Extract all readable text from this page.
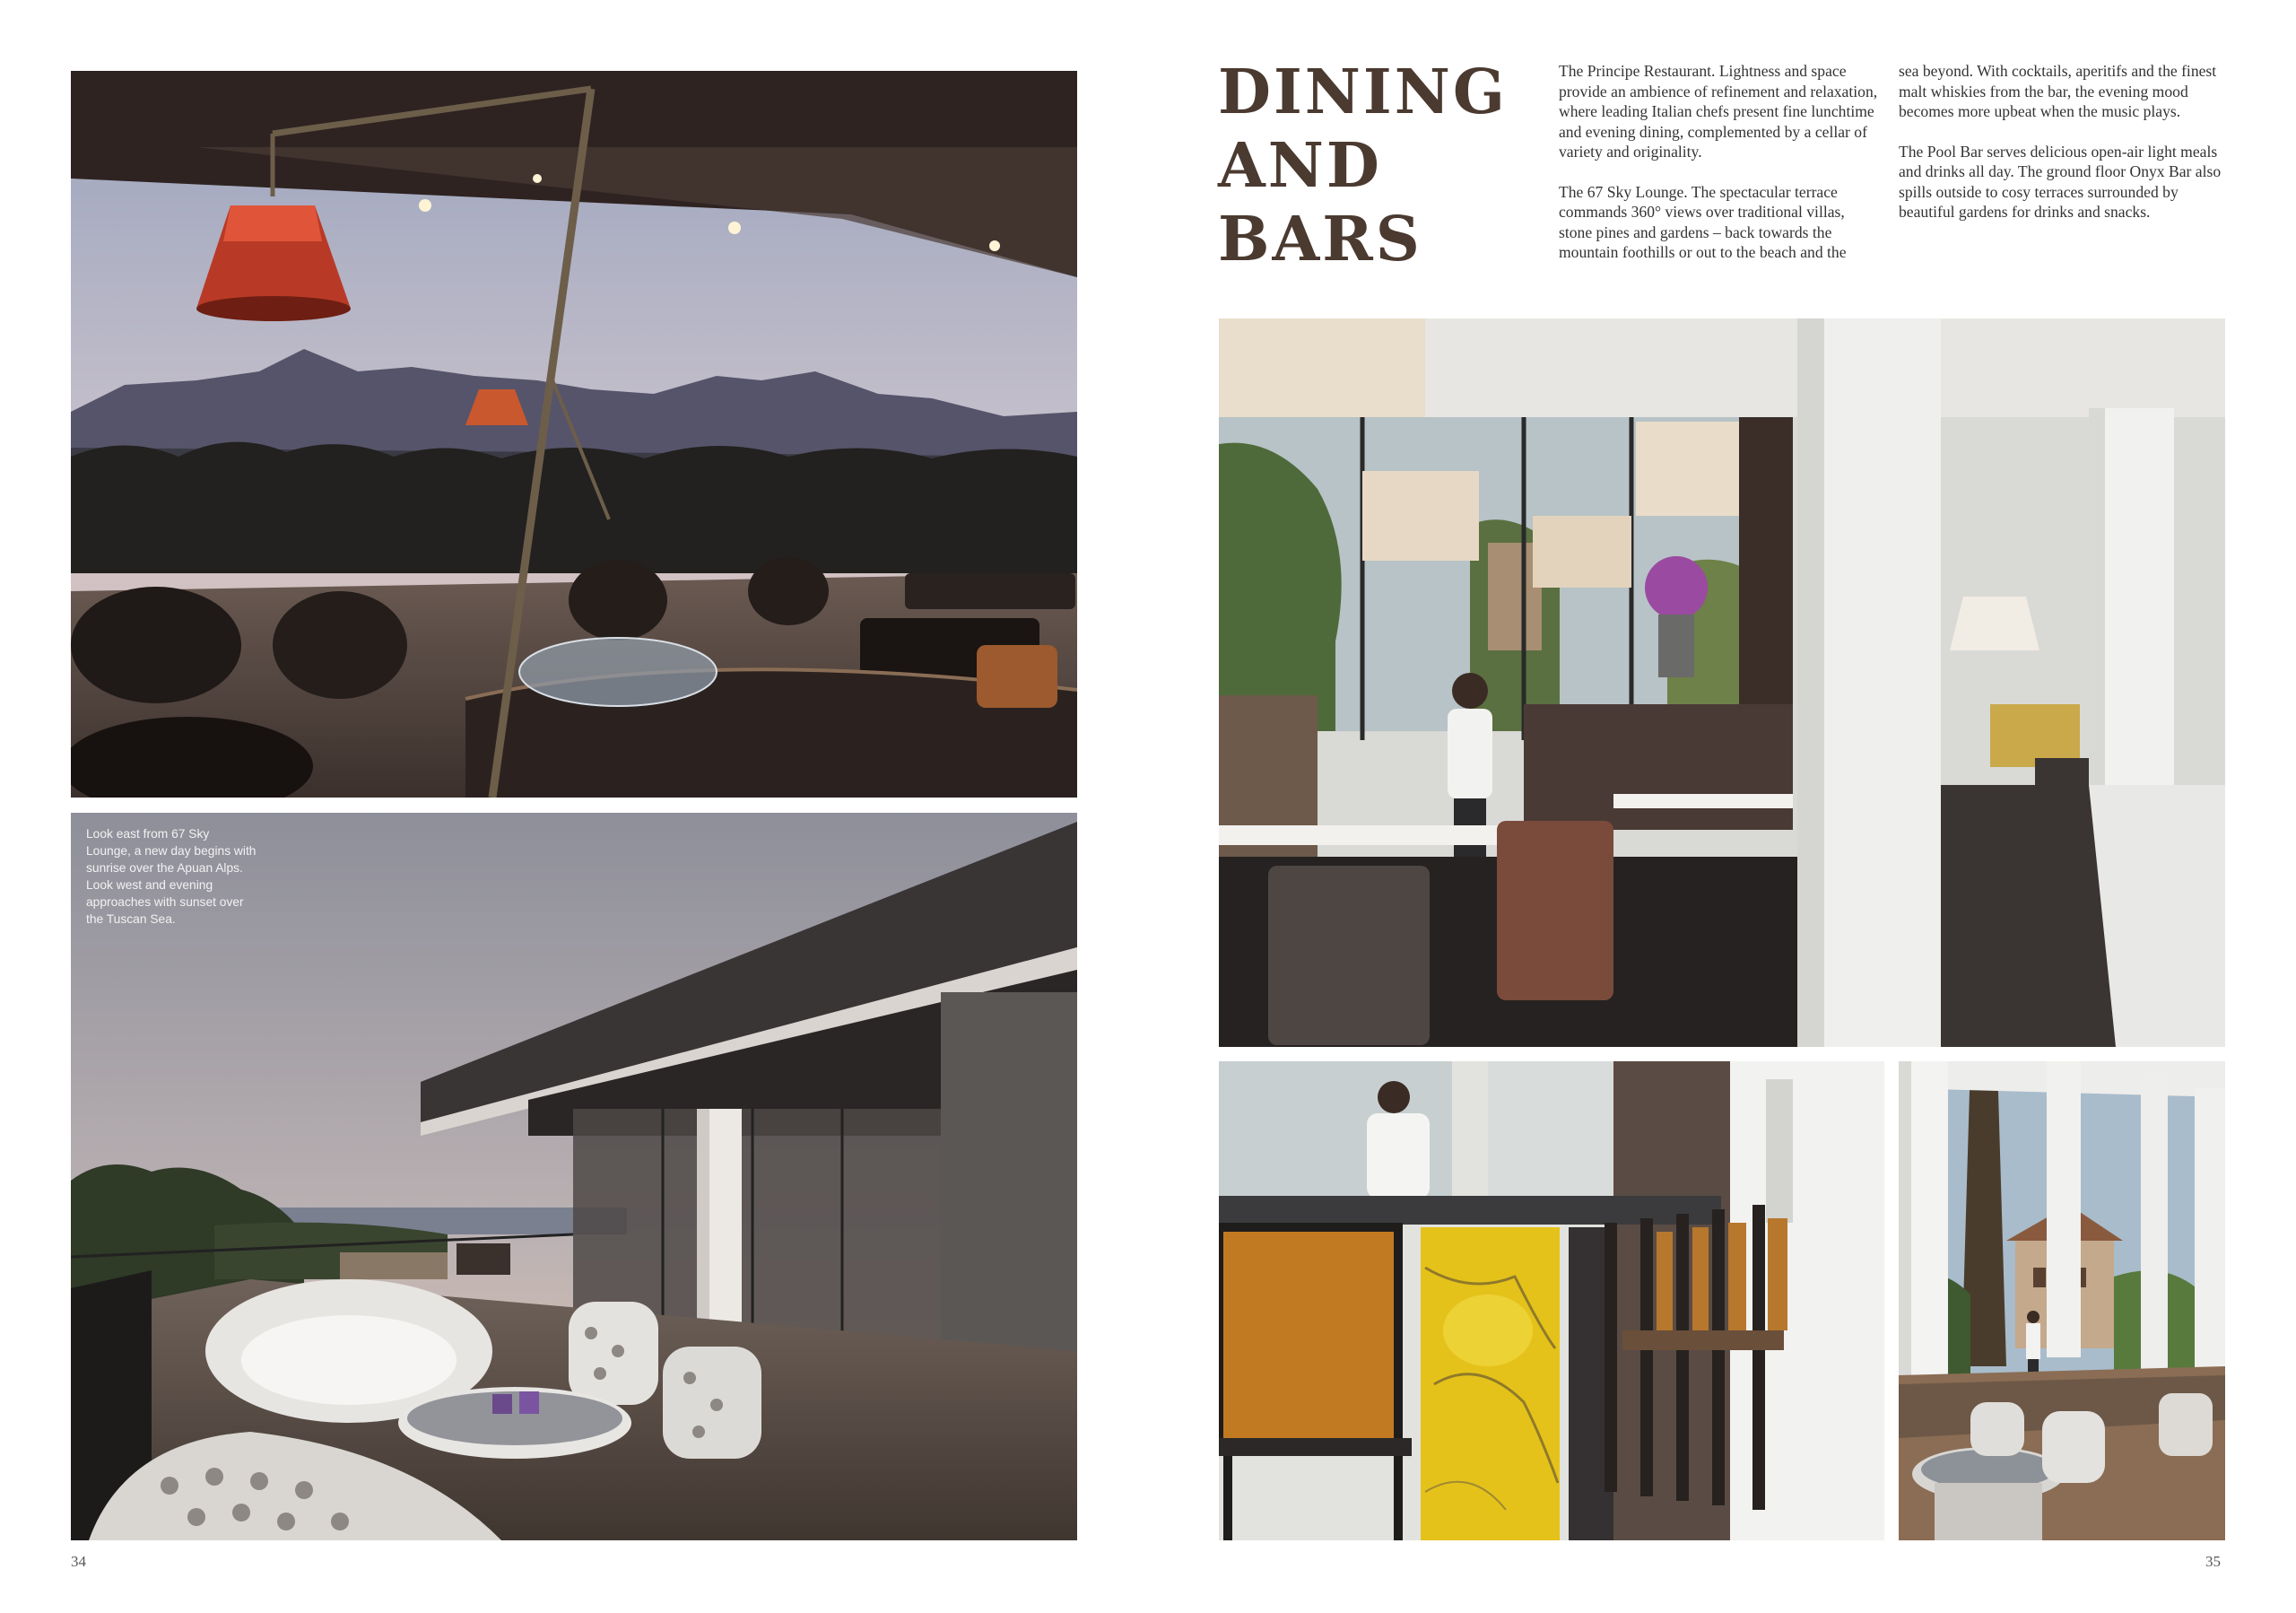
Look east from 67 Sky Lounge, a new day begins with sunrise over the Apuan Alps. Look west and evening approaches with sunset over the Tuscan Sea.
DINING
AND
BARS

The Principe Restaurant. Lightness and space provide an ambience of refinement and relaxation, where leading Italian chefs present fine lunchtime and evening dining, complemented by a cellar of variety and originality.

The 67 Sky Lounge. The spectacular terrace commands 360° views over traditional villas, stone pines and gardens – back towards the mountain foothills or out to the beach and the

sea beyond. With cocktails, aperitifs and the finest malt whiskies from the bar, the evening mood becomes more upbeat when the music plays.

The Pool Bar serves delicious open-air light meals and drinks all day. The ground floor Onyx Bar also spills outside to cosy terraces surrounded by beautiful gardens for drinks and snacks.

34	35
